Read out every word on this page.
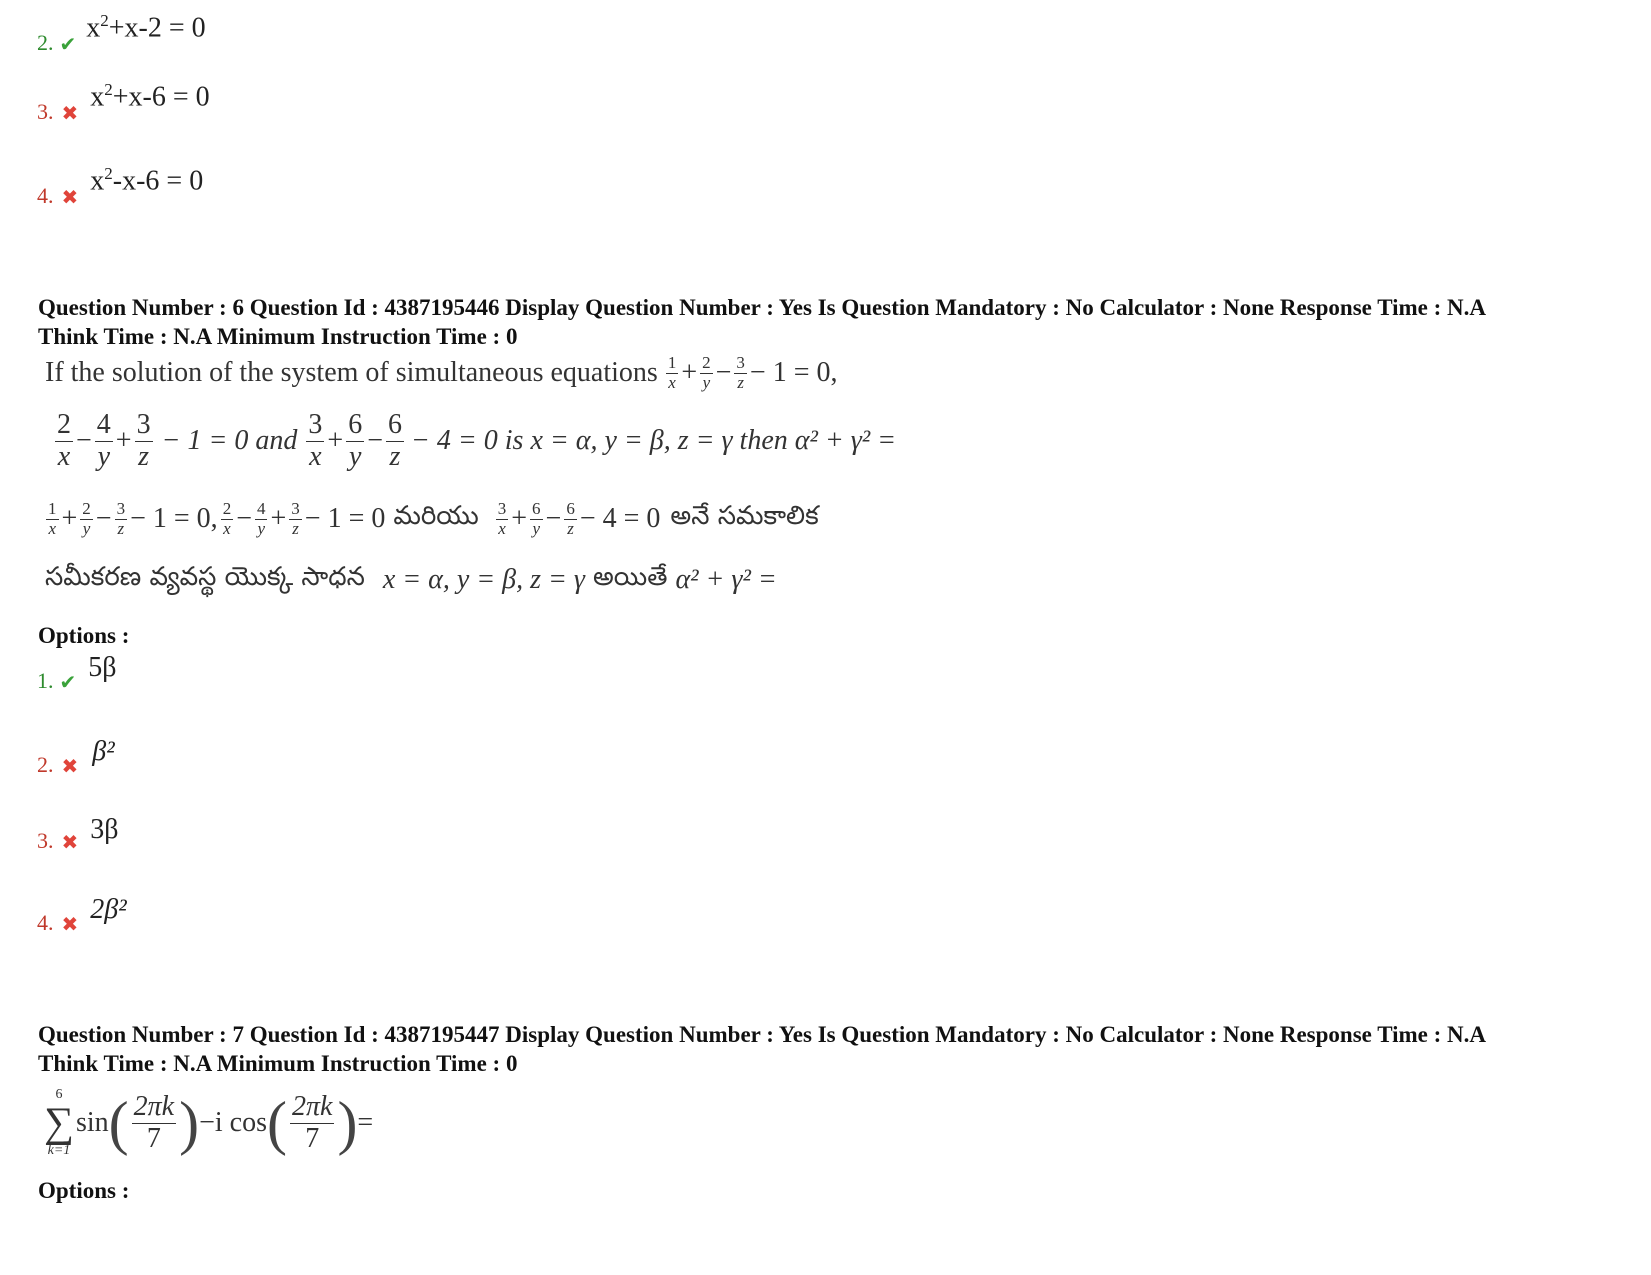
2. ✔
$x^2+x-2 = 0$
3. ✖
$x^2+x-6 = 0$
4. ✖
$x^2-x-6 = 0$
Question Number : 6 Question Id : 4387195446 Display Question Number : Yes Is Question Mandatory : No Calculator : None Response Time : N.A
Think Time : N.A Minimum Instruction Time : 0
If the solution of the system of simultaneous equations $\frac{1}{x} + \frac{2}{y} - \frac{3}{z} - 1 = 0$,
$\frac{2}{x} - \frac{4}{y} + \frac{3}{z} - 1 = 0$ and $\frac{3}{x} + \frac{6}{y} - \frac{6}{z} - 4 = 0$ is x = α, y = β, z = γ then α² + γ² =
$\frac{1}{x} + \frac{2}{y} - \frac{3}{z} - 1 = 0$, $\frac{2}{x} - \frac{4}{y} + \frac{3}{z} - 1 = 0$ మరియు $\frac{3}{x} + \frac{6}{y} - \frac{6}{z} - 4 = 0$ అనే సమకాలిక
సమీకరణ వ్యవస్థ యొక్క సాధన x = α, y = β, z = γ అయితే α² + γ² =
Options :
1. ✔ 5β
2. ✖ β²
3. ✖ 3β
4. ✖ 2β²
Question Number : 7 Question Id : 4387195447 Display Question Number : Yes Is Question Mandatory : No Calculator : None Response Time : N.A
Think Time : N.A Minimum Instruction Time : 0
6
∑
k=1
sin ( $\frac{2\pi k}{7}$ ) −i cos ( $\frac{2\pi k}{7}$ ) =
Options :
